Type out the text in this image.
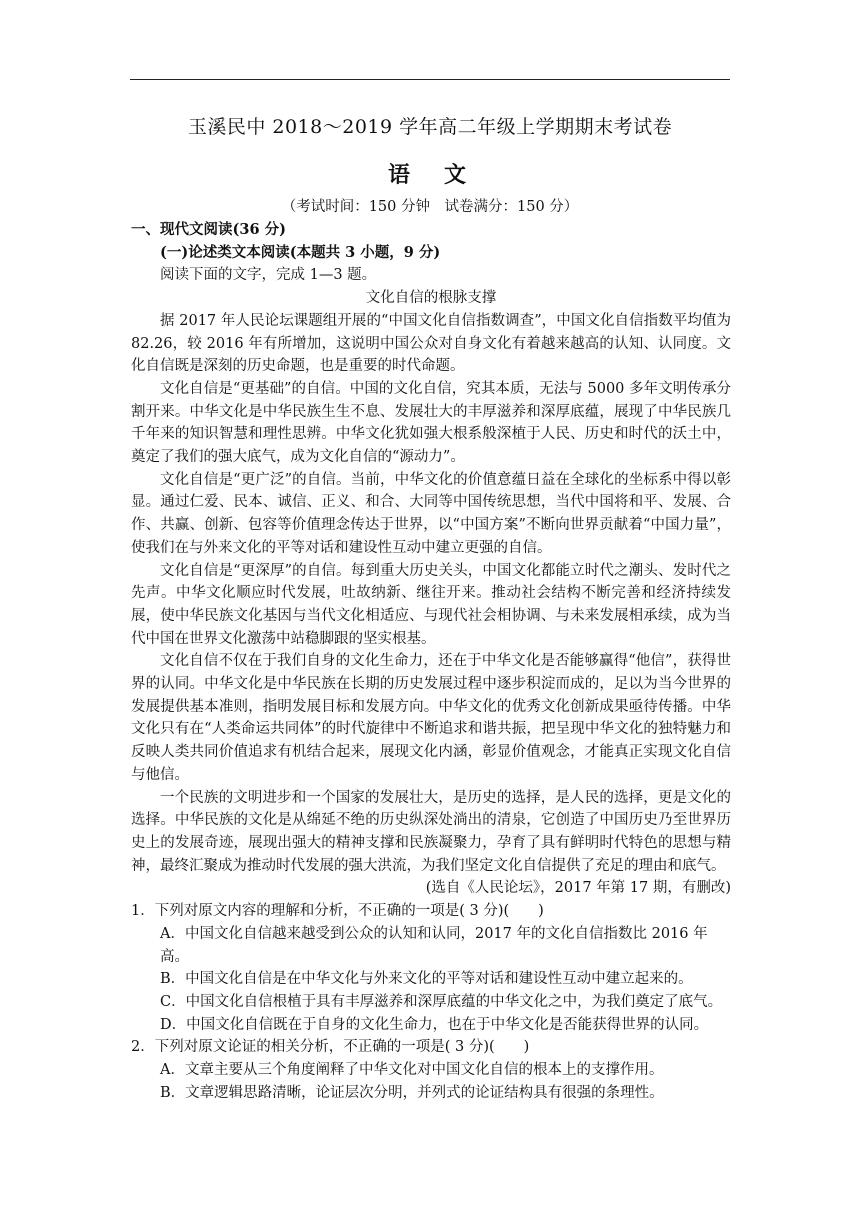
玉溪民中 2018～2019 学年高二年级上学期期末考试卷
语　文
（考试时间：150 分钟　试卷满分：150 分）

一、现代文阅读(36 分)

(一)论述类文本阅读(本题共 3 小题，9 分)

阅读下面的文字，完成 1—3 题。

文化自信的根脉支撑

据 2017 年人民论坛课题组开展的“中国文化自信指数调查”，中国文化自信指数平均值为 82.26，较 2016 年有所增加，这说明中国公众对自身文化有着越来越高的认知、认同度。文化自信既是深刻的历史命题，也是重要的时代命题。

文化自信是“更基础”的自信。中国的文化自信，究其本质，无法与 5000 多年文明传承分割开来。中华文化是中华民族生生不息、发展壮大的丰厚滋养和深厚底蕴，展现了中华民族几千年来的知识智慧和理性思辨。中华文化犹如强大根系般深植于人民、历史和时代的沃土中，奠定了我们的强大底气，成为文化自信的“源动力”。

文化自信是“更广泛”的自信。当前，中华文化的价值意蕴日益在全球化的坐标系中得以彰显。通过仁爱、民本、诚信、正义、和合、大同等中国传统思想，当代中国将和平、发展、合作、共赢、创新、包容等价值理念传达于世界，以“中国方案”不断向世界贡献着“中国力量”，使我们在与外来文化的平等对话和建设性互动中建立更强的自信。

文化自信是“更深厚”的自信。每到重大历史关头，中国文化都能立时代之潮头、发时代之先声。中华文化顺应时代发展，吐故纳新、继往开来。推动社会结构不断完善和经济持续发展，使中华民族文化基因与当代文化相适应、与现代社会相协调、与未来发展相承续，成为当代中国在世界文化激荡中站稳脚跟的坚实根基。

文化自信不仅在于我们自身的文化生命力，还在于中华文化是否能够赢得“他信”，获得世界的认同。中华文化是中华民族在长期的历史发展过程中逐步积淀而成的，足以为当今世界的发展提供基本准则，指明发展目标和发展方向。中华文化的优秀文化创新成果亟待传播。中华文化只有在“人类命运共同体”的时代旋律中不断追求和谐共振，把呈现中华文化的独特魅力和反映人类共同价值追求有机结合起来，展现文化内涵，彰显价值观念，才能真正实现文化自信与他信。

一个民族的文明进步和一个国家的发展壮大，是历史的选择，是人民的选择，更是文化的选择。中华民族的文化是从绵延不绝的历史纵深处淌出的清泉，它创造了中国历史乃至世界历史上的发展奇迹，展现出强大的精神支撑和民族凝聚力，孕育了具有鲜明时代特色的思想与精神，最终汇聚成为推动时代发展的强大洪流，为我们坚定文化自信提供了充足的理由和底气。

(选自《人民论坛》，2017 年第 17 期，有删改)

1．下列对原文内容的理解和分析，不正确的一项是( 3 分)(　　)

A．中国文化自信越来越受到公众的认知和认同，2017 年的文化自信指数比 2016 年高。

B．中国文化自信是在中华文化与外来文化的平等对话和建设性互动中建立起来的。

C．中国文化自信根植于具有丰厚滋养和深厚底蕴的中华文化之中，为我们奠定了底气。

D．中国文化自信既在于自身的文化生命力，也在于中华文化是否能获得世界的认同。

2．下列对原文论证的相关分析，不正确的一项是( 3 分)(　　)

A．文章主要从三个角度阐释了中华文化对中国文化自信的根本上的支撑作用。

B．文章逻辑思路清晰，论证层次分明，并列式的论证结构具有很强的条理性。
